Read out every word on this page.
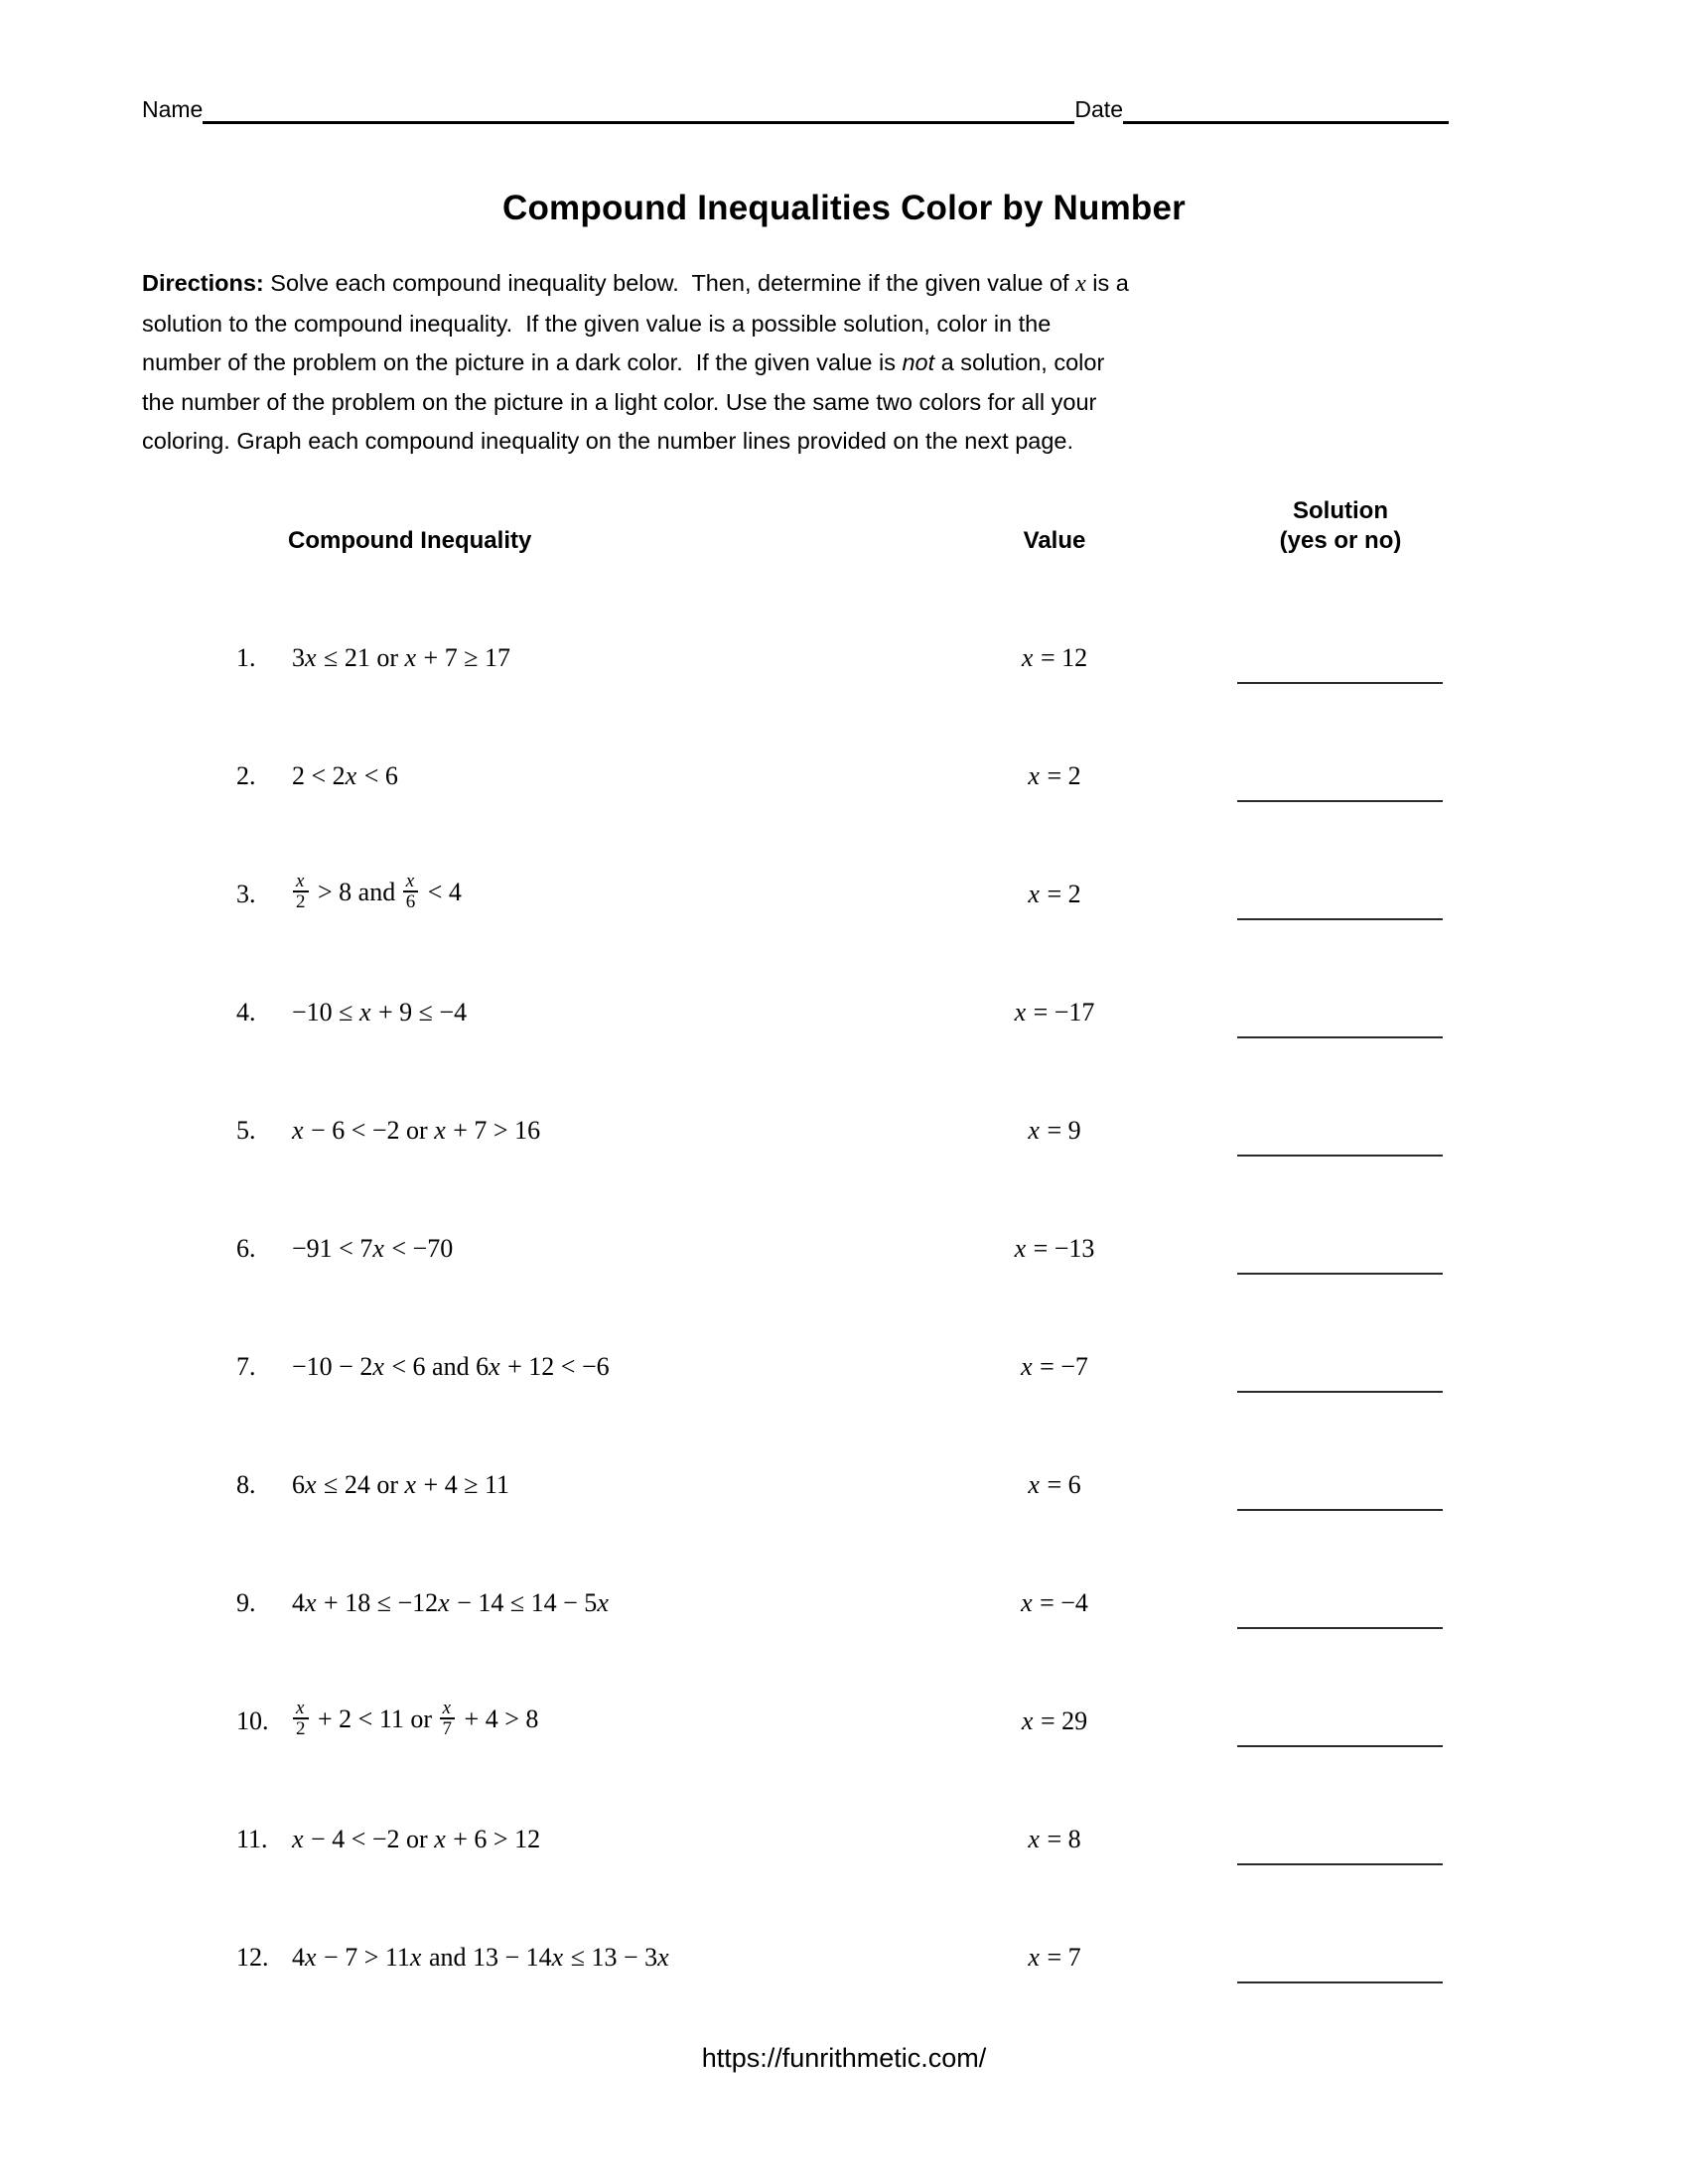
Name	Date
Compound Inequalities Color by Number
Directions: Solve each compound inequality below.  Then, determine if the given value of x is a
solution to the compound inequality.  If the given value is a possible solution, color in the
number of the problem on the picture in a dark color.  If the given value is not a solution, color
the number of the problem on the picture in a light color. Use the same two colors for all your
coloring. Graph each compound inequality on the number lines provided on the next page.
Compound Inequality	Value
Solution
(yes or no)
1.	3x ≤ 21 or x + 7 ≥ 17	x = 12
2.	2 < 2x < 6	x = 2
3.	$\frac{x}{2} > 8$ and $\frac{x}{6} < 4$	x = 2
4.	−10 ≤ x + 9 ≤ −4	x = −17
5.	x − 6 < −2 or x + 7 > 16	x = 9
6.	−91 < 7x < −70	x = −13
7.	−10 − 2x < 6 and 6x + 12 < −6	x = −7
8.	6x ≤ 24 or x + 4 ≥ 11	x = 6
9.	4x + 18 ≤ −12x − 14 ≤ 14 − 5x	x = −4
10.	$\frac{x}{2} + 2 < 11$ or $\frac{x}{7} + 4 > 8$	x = 29
11. x − 4 < −2 or x + 6 > 12	x = 8
12. 4x − 7 > 11x and 13 − 14x ≤ 13 − 3x	x = 7
https://funrithmetic.com/
